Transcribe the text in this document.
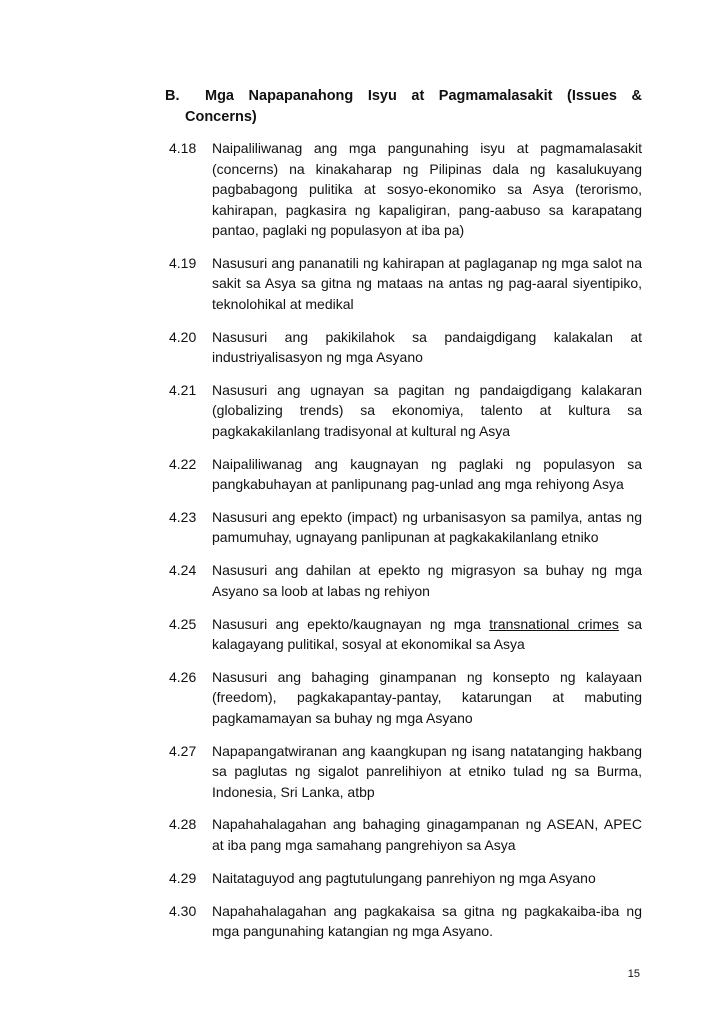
B.	Mga Napapanahong Isyu at Pagmamalasakit (Issues &
Concerns)
4.18	Naipaliliwanag ang mga pangunahing isyu at pagmamalasakit (concerns) na kinakaharap ng Pilipinas dala ng kasalukuyang pagbabagong pulitika at sosyo-ekonomiko sa Asya (terorismo, kahirapan, pagkasira ng kapaligiran, pang-aabuso sa karapatang pantao, paglaki ng populasyon at iba pa)
4.19	Nasusuri ang pananatili ng kahirapan at paglaganap ng mga salot na sakit sa Asya sa gitna ng mataas na antas ng pag-aaral siyentipiko, teknolohikal at medikal
4.20	Nasusuri ang pakikilahok sa pandaigdigang kalakalan at industriyalisasyon ng mga Asyano
4.21	Nasusuri ang ugnayan sa pagitan ng pandaigdigang kalakaran (globalizing trends) sa ekonomiya, talento at kultura sa pagkakakilanlang tradisyonal at kultural ng Asya
4.22	Naipaliliwanag ang kaugnayan ng paglaki ng populasyon sa pangkabuhayan at panlipunang pag-unlad ang mga rehiyong Asya
4.23	Nasusuri ang epekto (impact) ng urbanisasyon sa pamilya, antas ng pamumuhay, ugnayang panlipunan at pagkakakilanlang etniko
4.24	Nasusuri ang dahilan at epekto ng migrasyon sa buhay ng mga Asyano sa loob at labas ng rehiyon
4.25	Nasusuri ang epekto/kaugnayan ng mga transnational crimes sa kalagayang pulitikal, sosyal at ekonomikal sa Asya
4.26	Nasusuri ang bahaging ginampanan ng konsepto ng kalayaan (freedom), pagkakapantay-pantay, katarungan at mabuting pagkamamayan sa buhay ng mga Asyano
4.27	Napapangatwiranan ang kaangkupan ng isang natatanging hakbang sa paglutas ng sigalot panrelihiyon at etniko tulad ng sa Burma, Indonesia, Sri Lanka, atbp
4.28	Napahahalagahan ang bahaging ginagampanan ng ASEAN, APEC at iba pang mga samahang pangrehiyon sa Asya
4.29	Naitataguyod ang pagtutulungang panrehiyon ng mga Asyano
4.30	Napahahalagahan ang pagkakaisa sa gitna ng pagkakaiba-iba ng mga pangunahing katangian ng mga Asyano.
15
